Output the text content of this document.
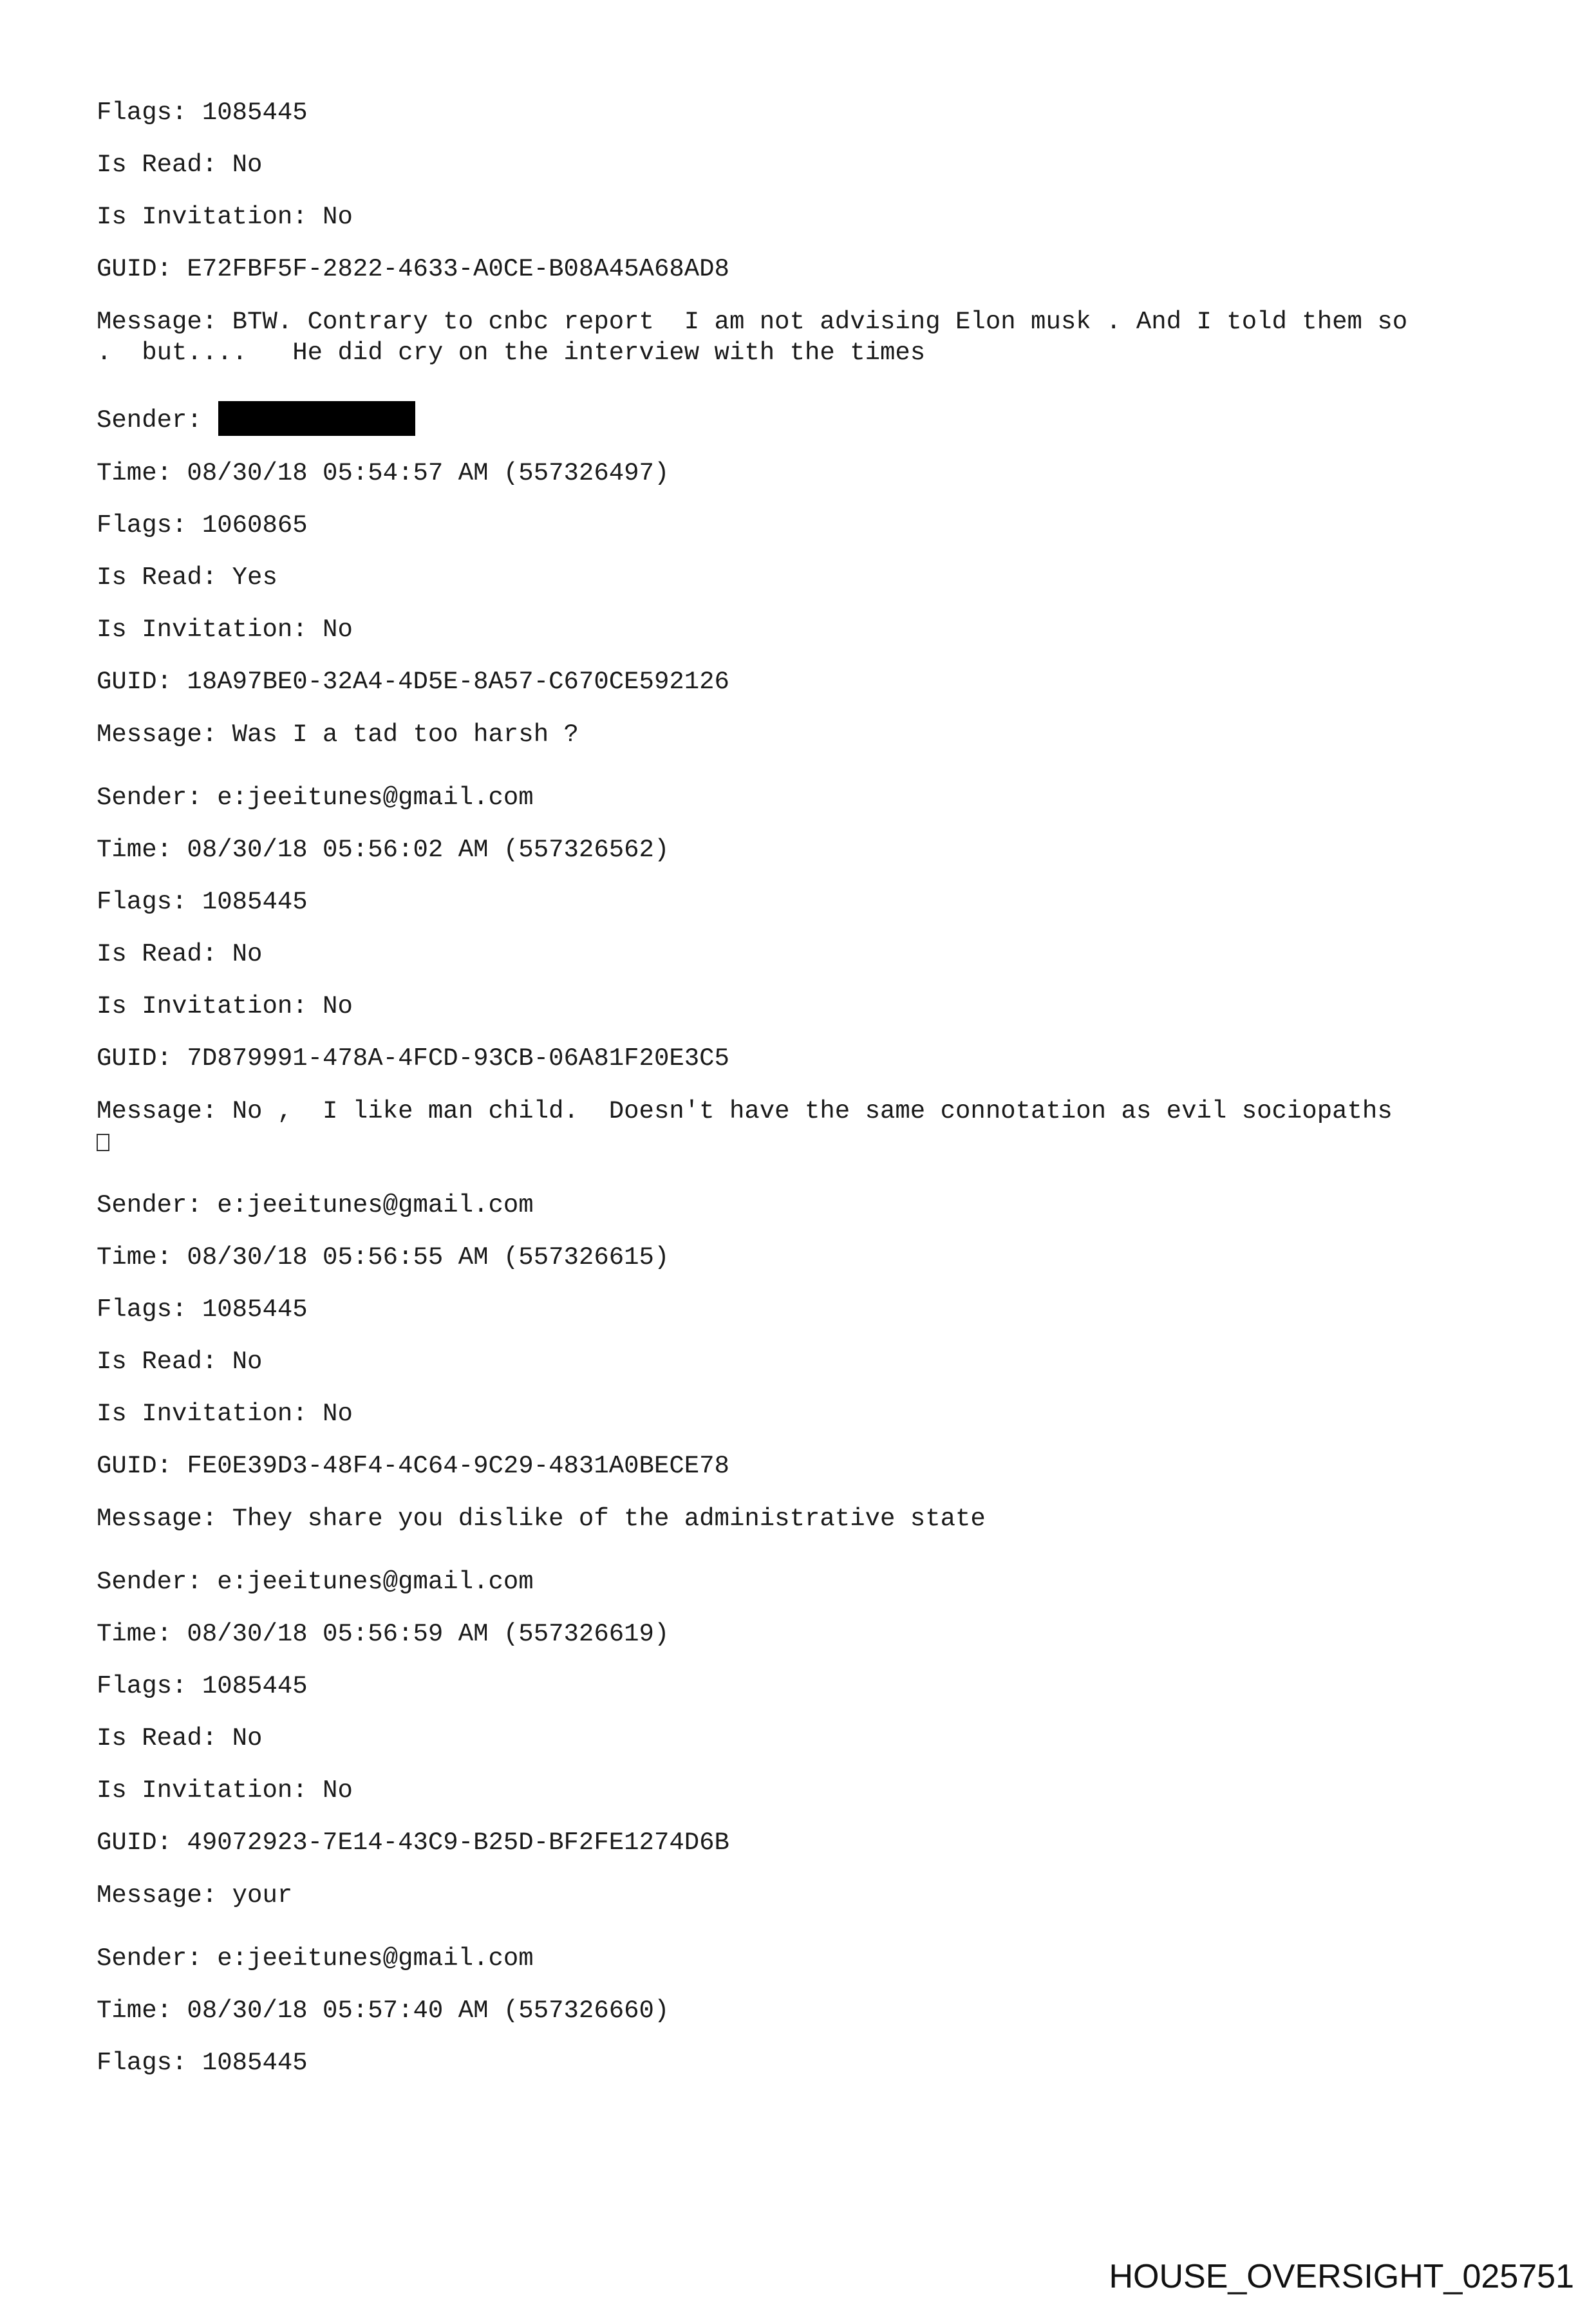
Flags: 1085445
Is Read: No
Is Invitation: No
GUID: E72FBF5F-2822-4633-A0CE-B08A45A68AD8
Message: BTW. Contrary to cnbc report  I am not advising Elon musk . And I told them so
.  but....   He did cry on the interview with the times
Sender:
Time: 08/30/18 05:54:57 AM (557326497)
Flags: 1060865
Is Read: Yes
Is Invitation: No
GUID: 18A97BE0-32A4-4D5E-8A57-C670CE592126
Message: Was I a tad too harsh ?
Sender: e:jeeitunes@gmail.com
Time: 08/30/18 05:56:02 AM (557326562)
Flags: 1085445
Is Read: No
Is Invitation: No
GUID: 7D879991-478A-4FCD-93CB-06A81F20E3C5
Message: No ,  I like man child.  Doesn't have the same connotation as evil sociopaths

Sender: e:jeeitunes@gmail.com
Time: 08/30/18 05:56:55 AM (557326615)
Flags: 1085445
Is Read: No
Is Invitation: No
GUID: FE0E39D3-48F4-4C64-9C29-4831A0BECE78
Message: They share you dislike of the administrative state
Sender: e:jeeitunes@gmail.com
Time: 08/30/18 05:56:59 AM (557326619)
Flags: 1085445
Is Read: No
Is Invitation: No
GUID: 49072923-7E14-43C9-B25D-BF2FE1274D6B
Message: your
Sender: e:jeeitunes@gmail.com
Time: 08/30/18 05:57:40 AM (557326660)
Flags: 1085445
HOUSE_OVERSIGHT_025751
